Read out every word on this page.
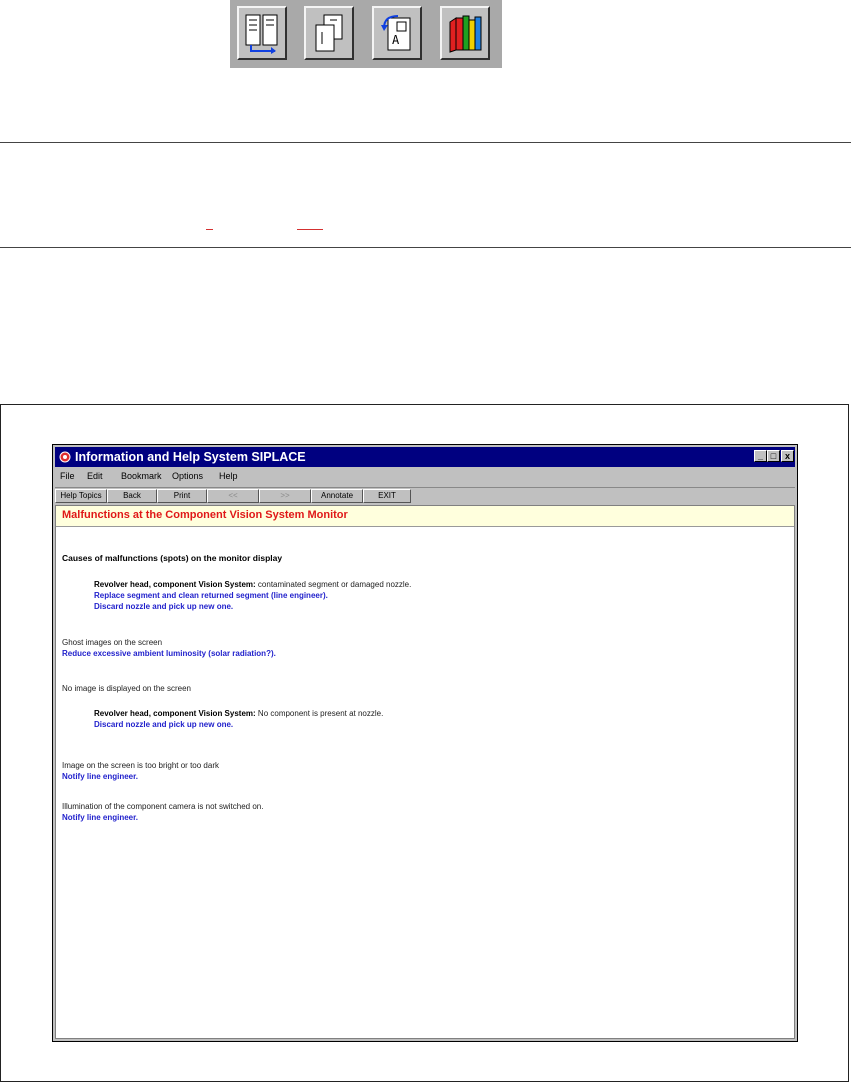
A
Information and Help System SIPLACE	_ □ x
File Edit Bookmark Options Help
Help Topics	Back	Print	<<	>>	Annotate	EXIT
Malfunctions at the Component Vision System Monitor
Causes of malfunctions (spots) on the monitor display
Revolver head, component Vision System: contaminated segment or damaged nozzle.
Replace segment and clean returned segment (line engineer).
Discard nozzle and pick up new one.
Ghost images on the screen
Reduce excessive ambient luminosity (solar radiation?).
No image is displayed on the screen
Revolver head, component Vision System: No component is present at nozzle.
Discard nozzle and pick up new one.
Image on the screen is too bright or too dark
Notify line engineer.
Illumination of the component camera is not switched on.
Notify line engineer.
